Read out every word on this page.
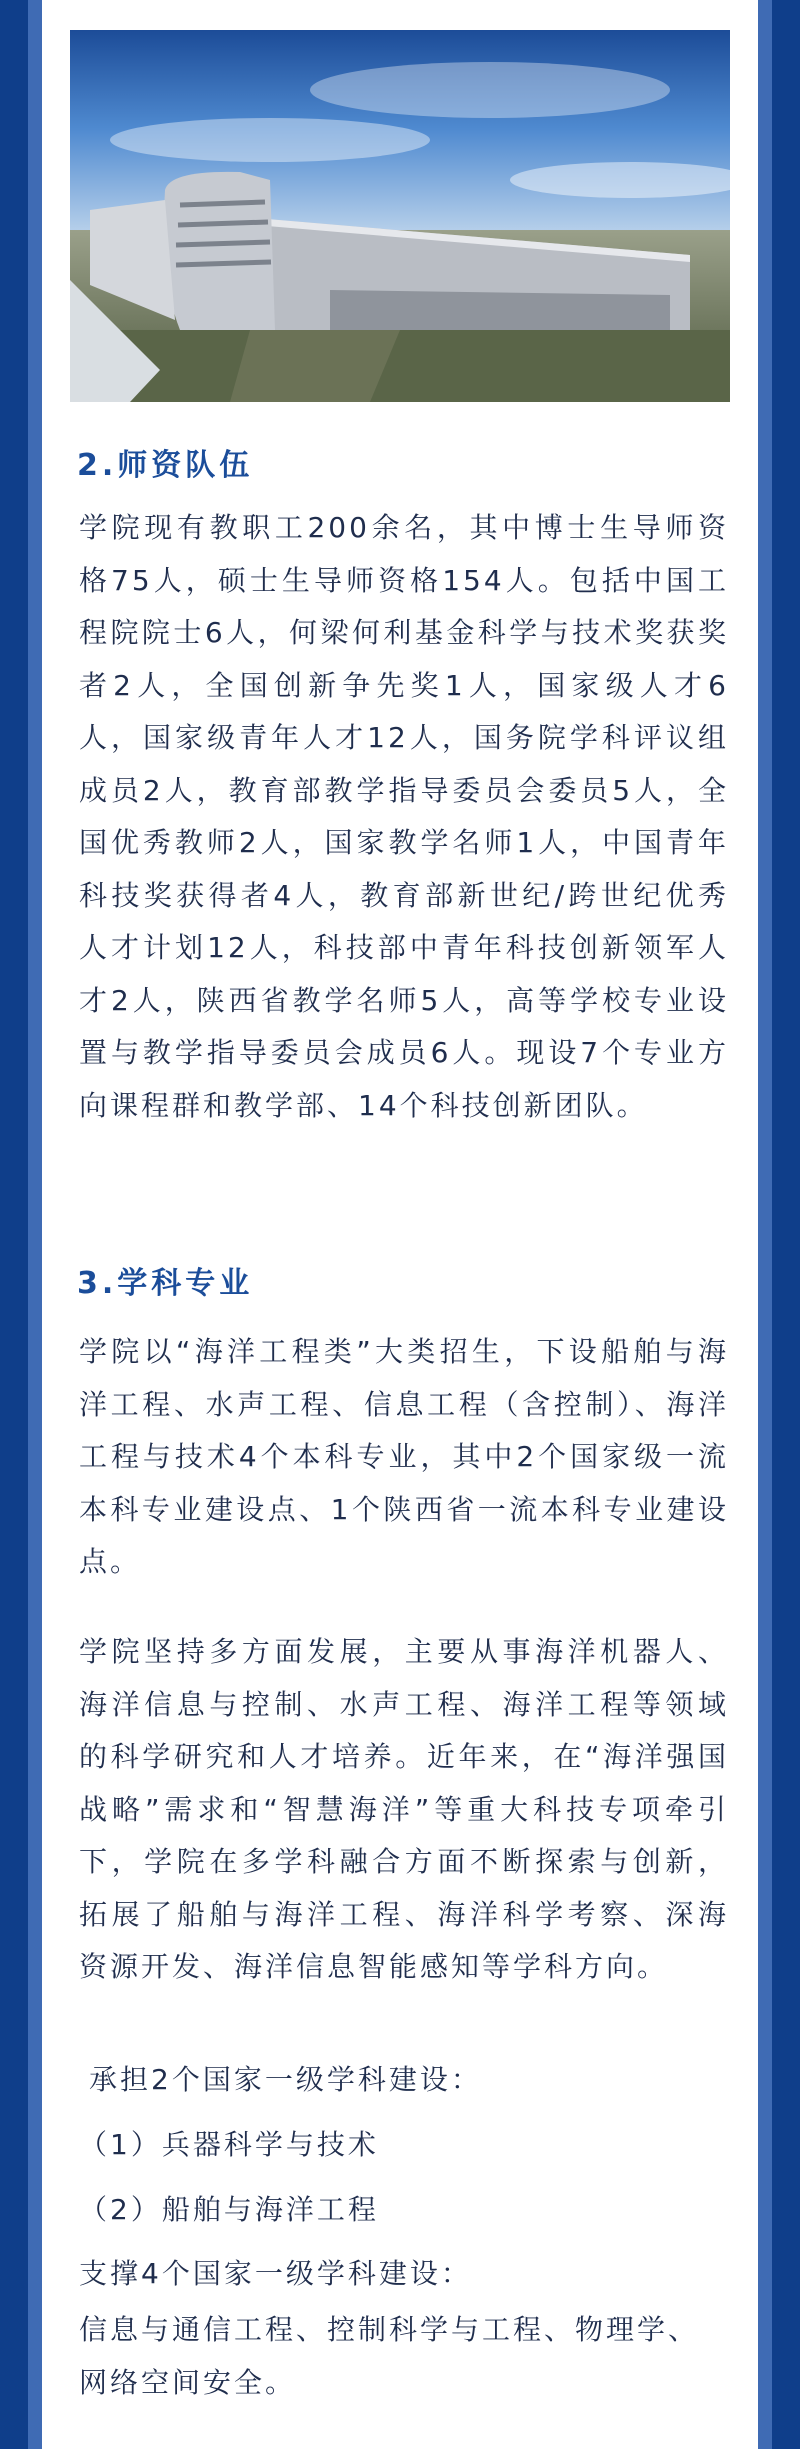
2.师资队伍

学院现有教职工200余名，其中博士生导师资格75人，硕士生导师资格154人。包括中国工程院院士6人，何梁何利基金科学与技术奖获奖者2人，全国创新争先奖1人，国家级人才6人，国家级青年人才12人，国务院学科评议组成员2人，教育部教学指导委员会委员5人，全国优秀教师2人，国家教学名师1人，中国青年科技奖获得者4人，教育部新世纪/跨世纪优秀人才计划12人，科技部中青年科技创新领军人才2人，陕西省教学名师5人，高等学校专业设置与教学指导委员会成员6人。现设7个专业方向课程群和教学部、14个科技创新团队。

3.学科专业

学院以“海洋工程类”大类招生，下设船舶与海洋工程、水声工程、信息工程（含控制）、海洋工程与技术4个本科专业，其中2个国家级一流本科专业建设点、1个陕西省一流本科专业建设点。

学院坚持多方面发展，主要从事海洋机器人、海洋信息与控制、水声工程、海洋工程等领域的科学研究和人才培养。近年来，在“海洋强国战略”需求和“智慧海洋”等重大科技专项牵引下，学院在多学科融合方面不断探索与创新，拓展了船舶与海洋工程、海洋科学考察、深海资源开发、海洋信息智能感知等学科方向。

承担2个国家一级学科建设：

（1）兵器科学与技术

（2）船舶与海洋工程

支撑4个国家一级学科建设：

信息与通信工程、控制科学与工程、物理学、网络空间安全。
